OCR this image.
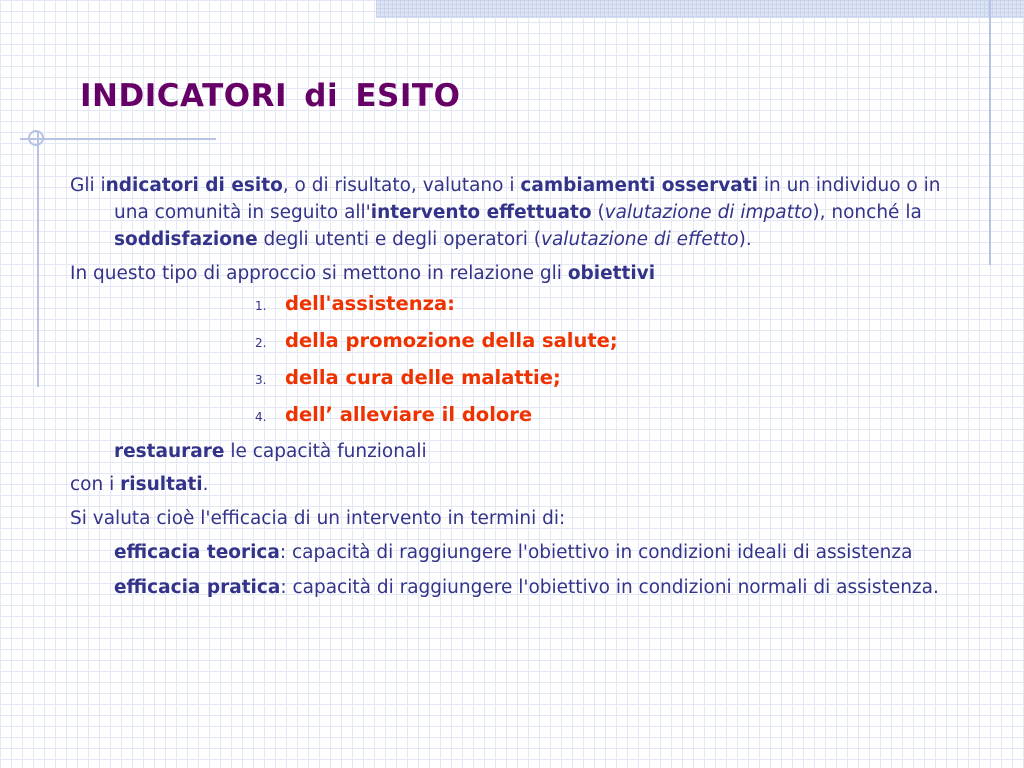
INDICATORI di ESITO

Gli indicatori di esito, o di risultato, valutano i cambiamenti osservati in un individuo o in una comunità in seguito all'intervento effettuato (valutazione di impatto), nonché la soddisfazione degli utenti e degli operatori (valutazione di effetto).

In questo tipo di approccio si mettono in relazione gli obiettivi

1. dell'assistenza:
2. della promozione della salute;
3. della cura delle malattie;
4. dell’ alleviare il dolore

restaurare le capacità funzionali

con i risultati.

Si valuta cioè l'efficacia di un intervento in termini di:

efficacia teorica: capacità di raggiungere l'obiettivo in condizioni ideali di assistenza

efficacia pratica: capacità di raggiungere l'obiettivo in condizioni normali di assistenza.
